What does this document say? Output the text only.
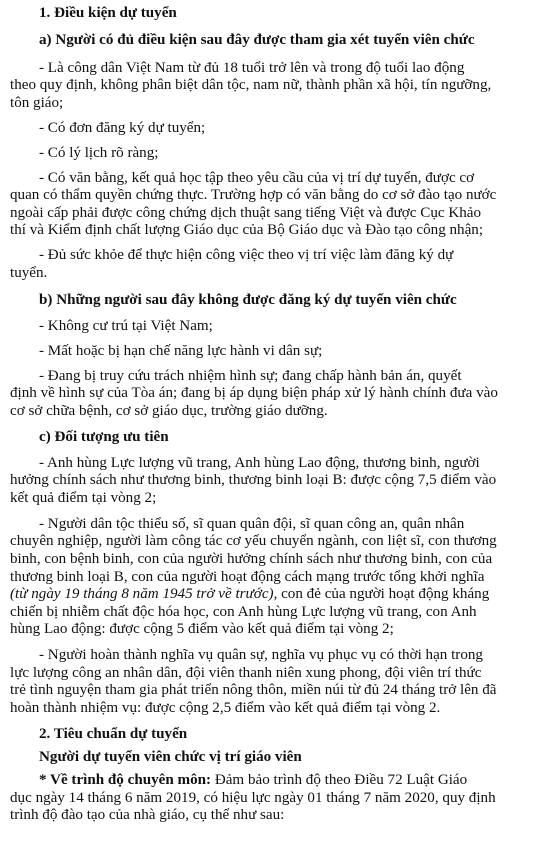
1. Điều kiện dự tuyển
a) Người có đủ điều kiện sau đây được tham gia xét tuyển viên chức
- Là công dân Việt Nam từ đủ 18 tuổi trở lên và trong độ tuổi lao động
theo quy định, không phân biệt dân tộc, nam nữ, thành phần xã hội, tín ngưỡng,
tôn giáo;
- Có đơn đăng ký dự tuyển;
- Có lý lịch rõ ràng;
- Có văn bằng, kết quả học tập theo yêu cầu của vị trí dự tuyển, được cơ
quan có thẩm quyền chứng thực. Trường hợp có văn bằng do cơ sở đào tạo nước
ngoài cấp phải được công chứng dịch thuật sang tiếng Việt và được Cục Khảo
thí và Kiểm định chất lượng Giáo dục của Bộ Giáo dục và Đào tạo công nhận;
- Đủ sức khỏe để thực hiện công việc theo vị trí việc làm đăng ký dự
tuyển.
b) Những người sau đây không được đăng ký dự tuyển viên chức
- Không cư trú tại Việt Nam;
- Mất hoặc bị hạn chế năng lực hành vi dân sự;
- Đang bị truy cứu trách nhiệm hình sự; đang chấp hành bản án, quyết
định về hình sự của Tòa án; đang bị áp dụng biện pháp xử lý hành chính đưa vào
cơ sở chữa bệnh, cơ sở giáo dục, trường giáo dưỡng.
c) Đối tượng ưu tiên
- Anh hùng Lực lượng vũ trang, Anh hùng Lao động, thương binh, người
hưởng chính sách như thương binh, thương binh loại B: được cộng 7,5 điểm vào
kết quả điểm tại vòng 2;
- Người dân tộc thiểu số, sĩ quan quân đội, sĩ quan công an, quân nhân
chuyên nghiệp, người làm công tác cơ yếu chuyển ngành, con liệt sĩ, con thương
binh, con bệnh binh, con của người hưởng chính sách như thương binh, con của
thương binh loại B, con của người hoạt động cách mạng trước tổng khởi nghĩa
(từ ngày 19 tháng 8 năm 1945 trở về trước), con đẻ của người hoạt động kháng
chiến bị nhiễm chất độc hóa học, con Anh hùng Lực lượng vũ trang, con Anh
hùng Lao động: được cộng 5 điểm vào kết quả điểm tại vòng 2;
- Người hoàn thành nghĩa vụ quân sự, nghĩa vụ phục vụ có thời hạn trong
lực lượng công an nhân dân, đội viên thanh niên xung phong, đội viên trí thức
trẻ tình nguyện tham gia phát triển nông thôn, miền núi từ đủ 24 tháng trở lên đã
hoàn thành nhiệm vụ: được cộng 2,5 điểm vào kết quả điểm tại vòng 2.
2. Tiêu chuẩn dự tuyển
Người dự tuyển viên chức vị trí giáo viên
* Về trình độ chuyên môn: Đảm bảo trình độ theo Điều 72 Luật Giáo
dục ngày 14 tháng 6 năm 2019, có hiệu lực ngày 01 tháng 7 năm 2020, quy định
trình độ đào tạo của nhà giáo, cụ thể như sau:
